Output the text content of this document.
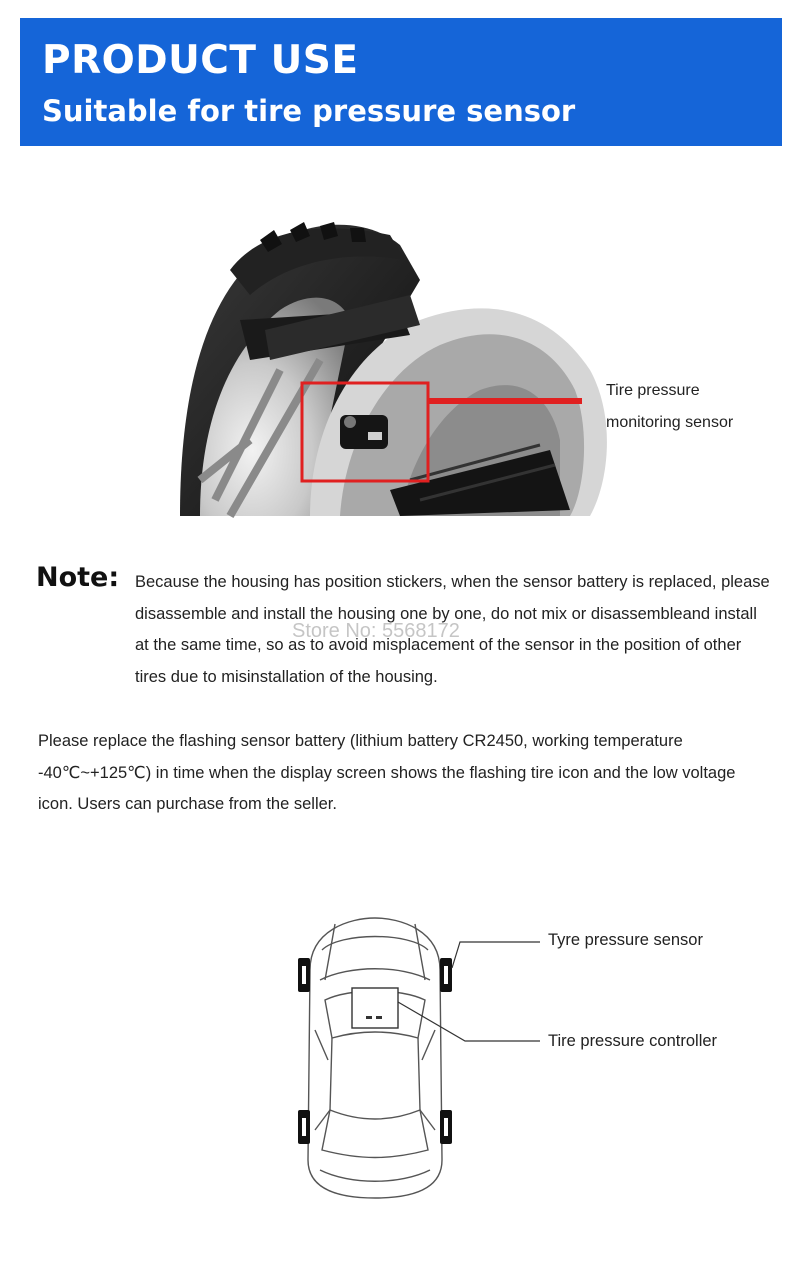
PRODUCT USE
Suitable for tire pressure sensor
Tire pressure
monitoring sensor
Note: Because the housing has position stickers, when the sensor battery is replaced, please disassemble and install the housing one by one, do not mix or disassembleand install at the same time, so as to avoid misplacement of the sensor in the position of other tires due to misinstallation of the housing.
Store No: 5568172
Please replace the flashing sensor battery (lithium battery CR2450, working temperature -40℃~+125℃) in time when the display screen shows the flashing tire icon and the low voltage icon. Users can purchase from the seller.
Tyre pressure sensor
Tire pressure controller
